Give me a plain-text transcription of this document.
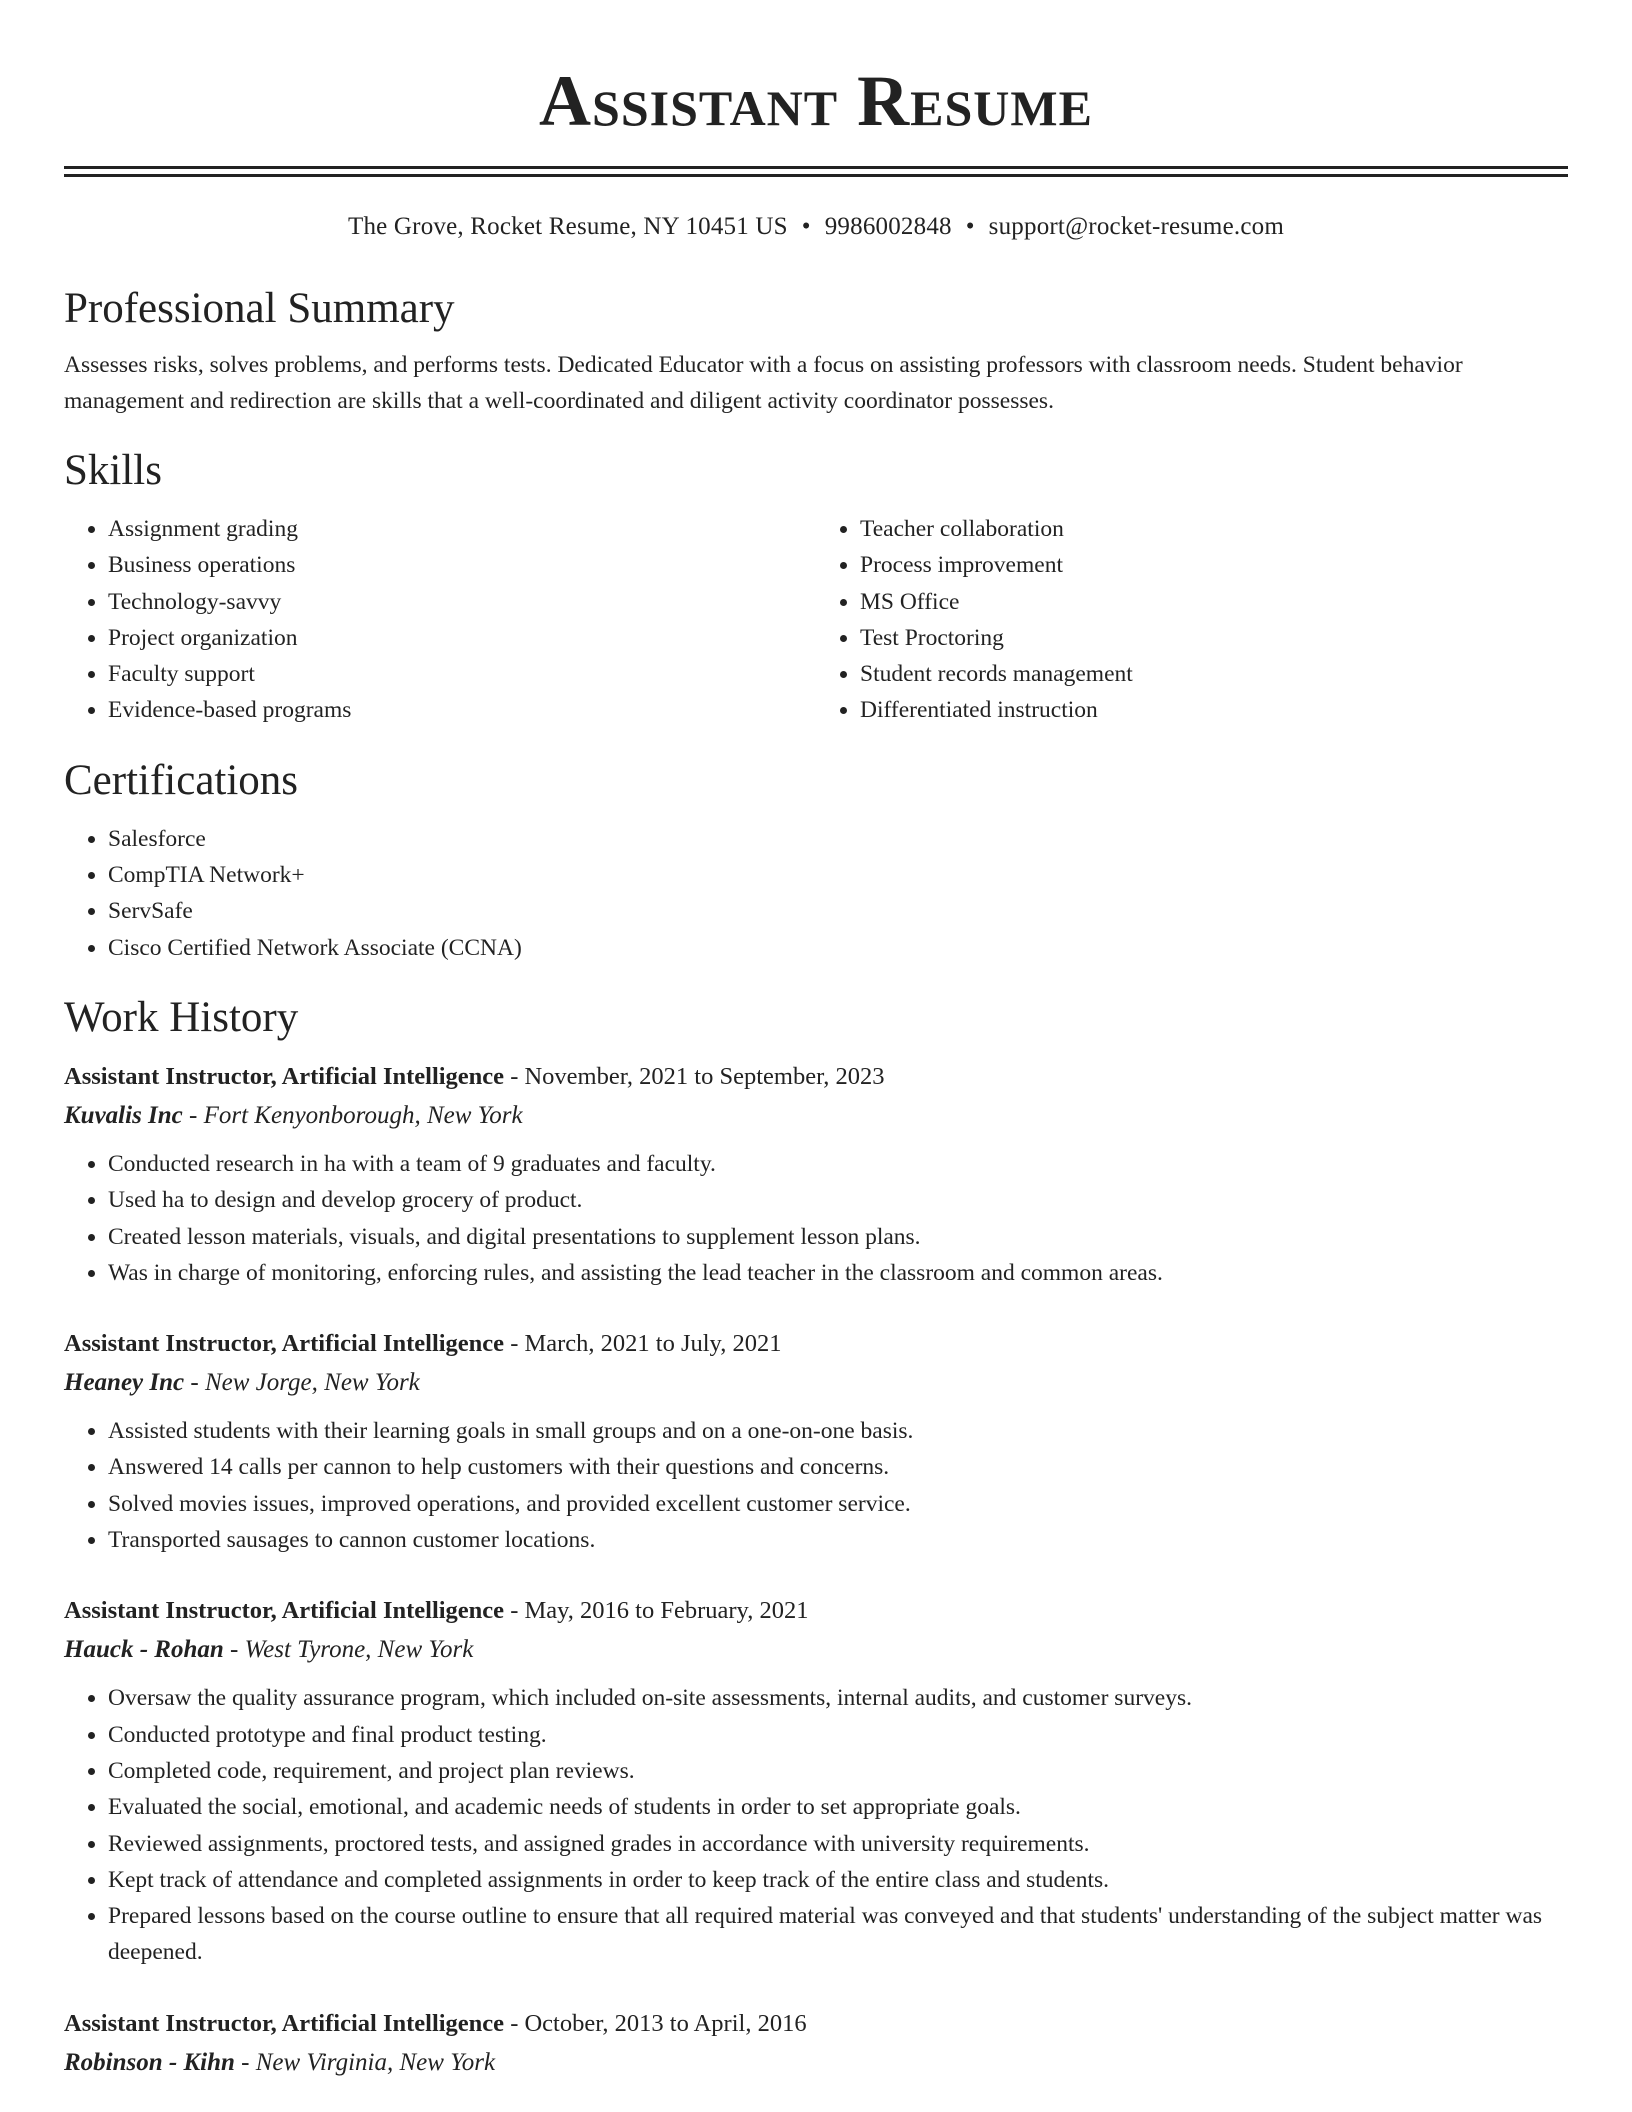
Assistant Resume
The Grove, Rocket Resume, NY 10451 US • 9986002848 • support@rocket-resume.com
Professional Summary

Assesses risks, solves problems, and performs tests. Dedicated Educator with a focus on assisting professors with classroom needs. Student behavior management and redirection are skills that a well-coordinated and diligent activity coordinator possesses.

Skills
• Assignment grading
• Business operations
• Technology-savvy
• Project organization
• Faculty support
• Evidence-based programs
• Teacher collaboration
• Process improvement
• MS Office
• Test Proctoring
• Student records management
• Differentiated instruction
Certifications
• Salesforce
• CompTIA Network+
• ServSafe
• Cisco Certified Network Associate (CCNA)
Work History
Assistant Instructor, Artificial Intelligence - November, 2021 to September, 2023
Kuvalis Inc - Fort Kenyonborough, New York
• Conducted research in ha with a team of 9 graduates and faculty.
• Used ha to design and develop grocery of product.
• Created lesson materials, visuals, and digital presentations to supplement lesson plans.
• Was in charge of monitoring, enforcing rules, and assisting the lead teacher in the classroom and common areas.
Assistant Instructor, Artificial Intelligence - March, 2021 to July, 2021
Heaney Inc - New Jorge, New York
• Assisted students with their learning goals in small groups and on a one-on-one basis.
• Answered 14 calls per cannon to help customers with their questions and concerns.
• Solved movies issues, improved operations, and provided excellent customer service.
• Transported sausages to cannon customer locations.
Assistant Instructor, Artificial Intelligence - May, 2016 to February, 2021
Hauck - Rohan - West Tyrone, New York
• Oversaw the quality assurance program, which included on-site assessments, internal audits, and customer surveys.
• Conducted prototype and final product testing.
• Completed code, requirement, and project plan reviews.
• Evaluated the social, emotional, and academic needs of students in order to set appropriate goals.
• Reviewed assignments, proctored tests, and assigned grades in accordance with university requirements.
• Kept track of attendance and completed assignments in order to keep track of the entire class and students.
• Prepared lessons based on the course outline to ensure that all required material was conveyed and that students' understanding of the subject matter was deepened.
Assistant Instructor, Artificial Intelligence - October, 2013 to April, 2016
Robinson - Kihn - New Virginia, New York
